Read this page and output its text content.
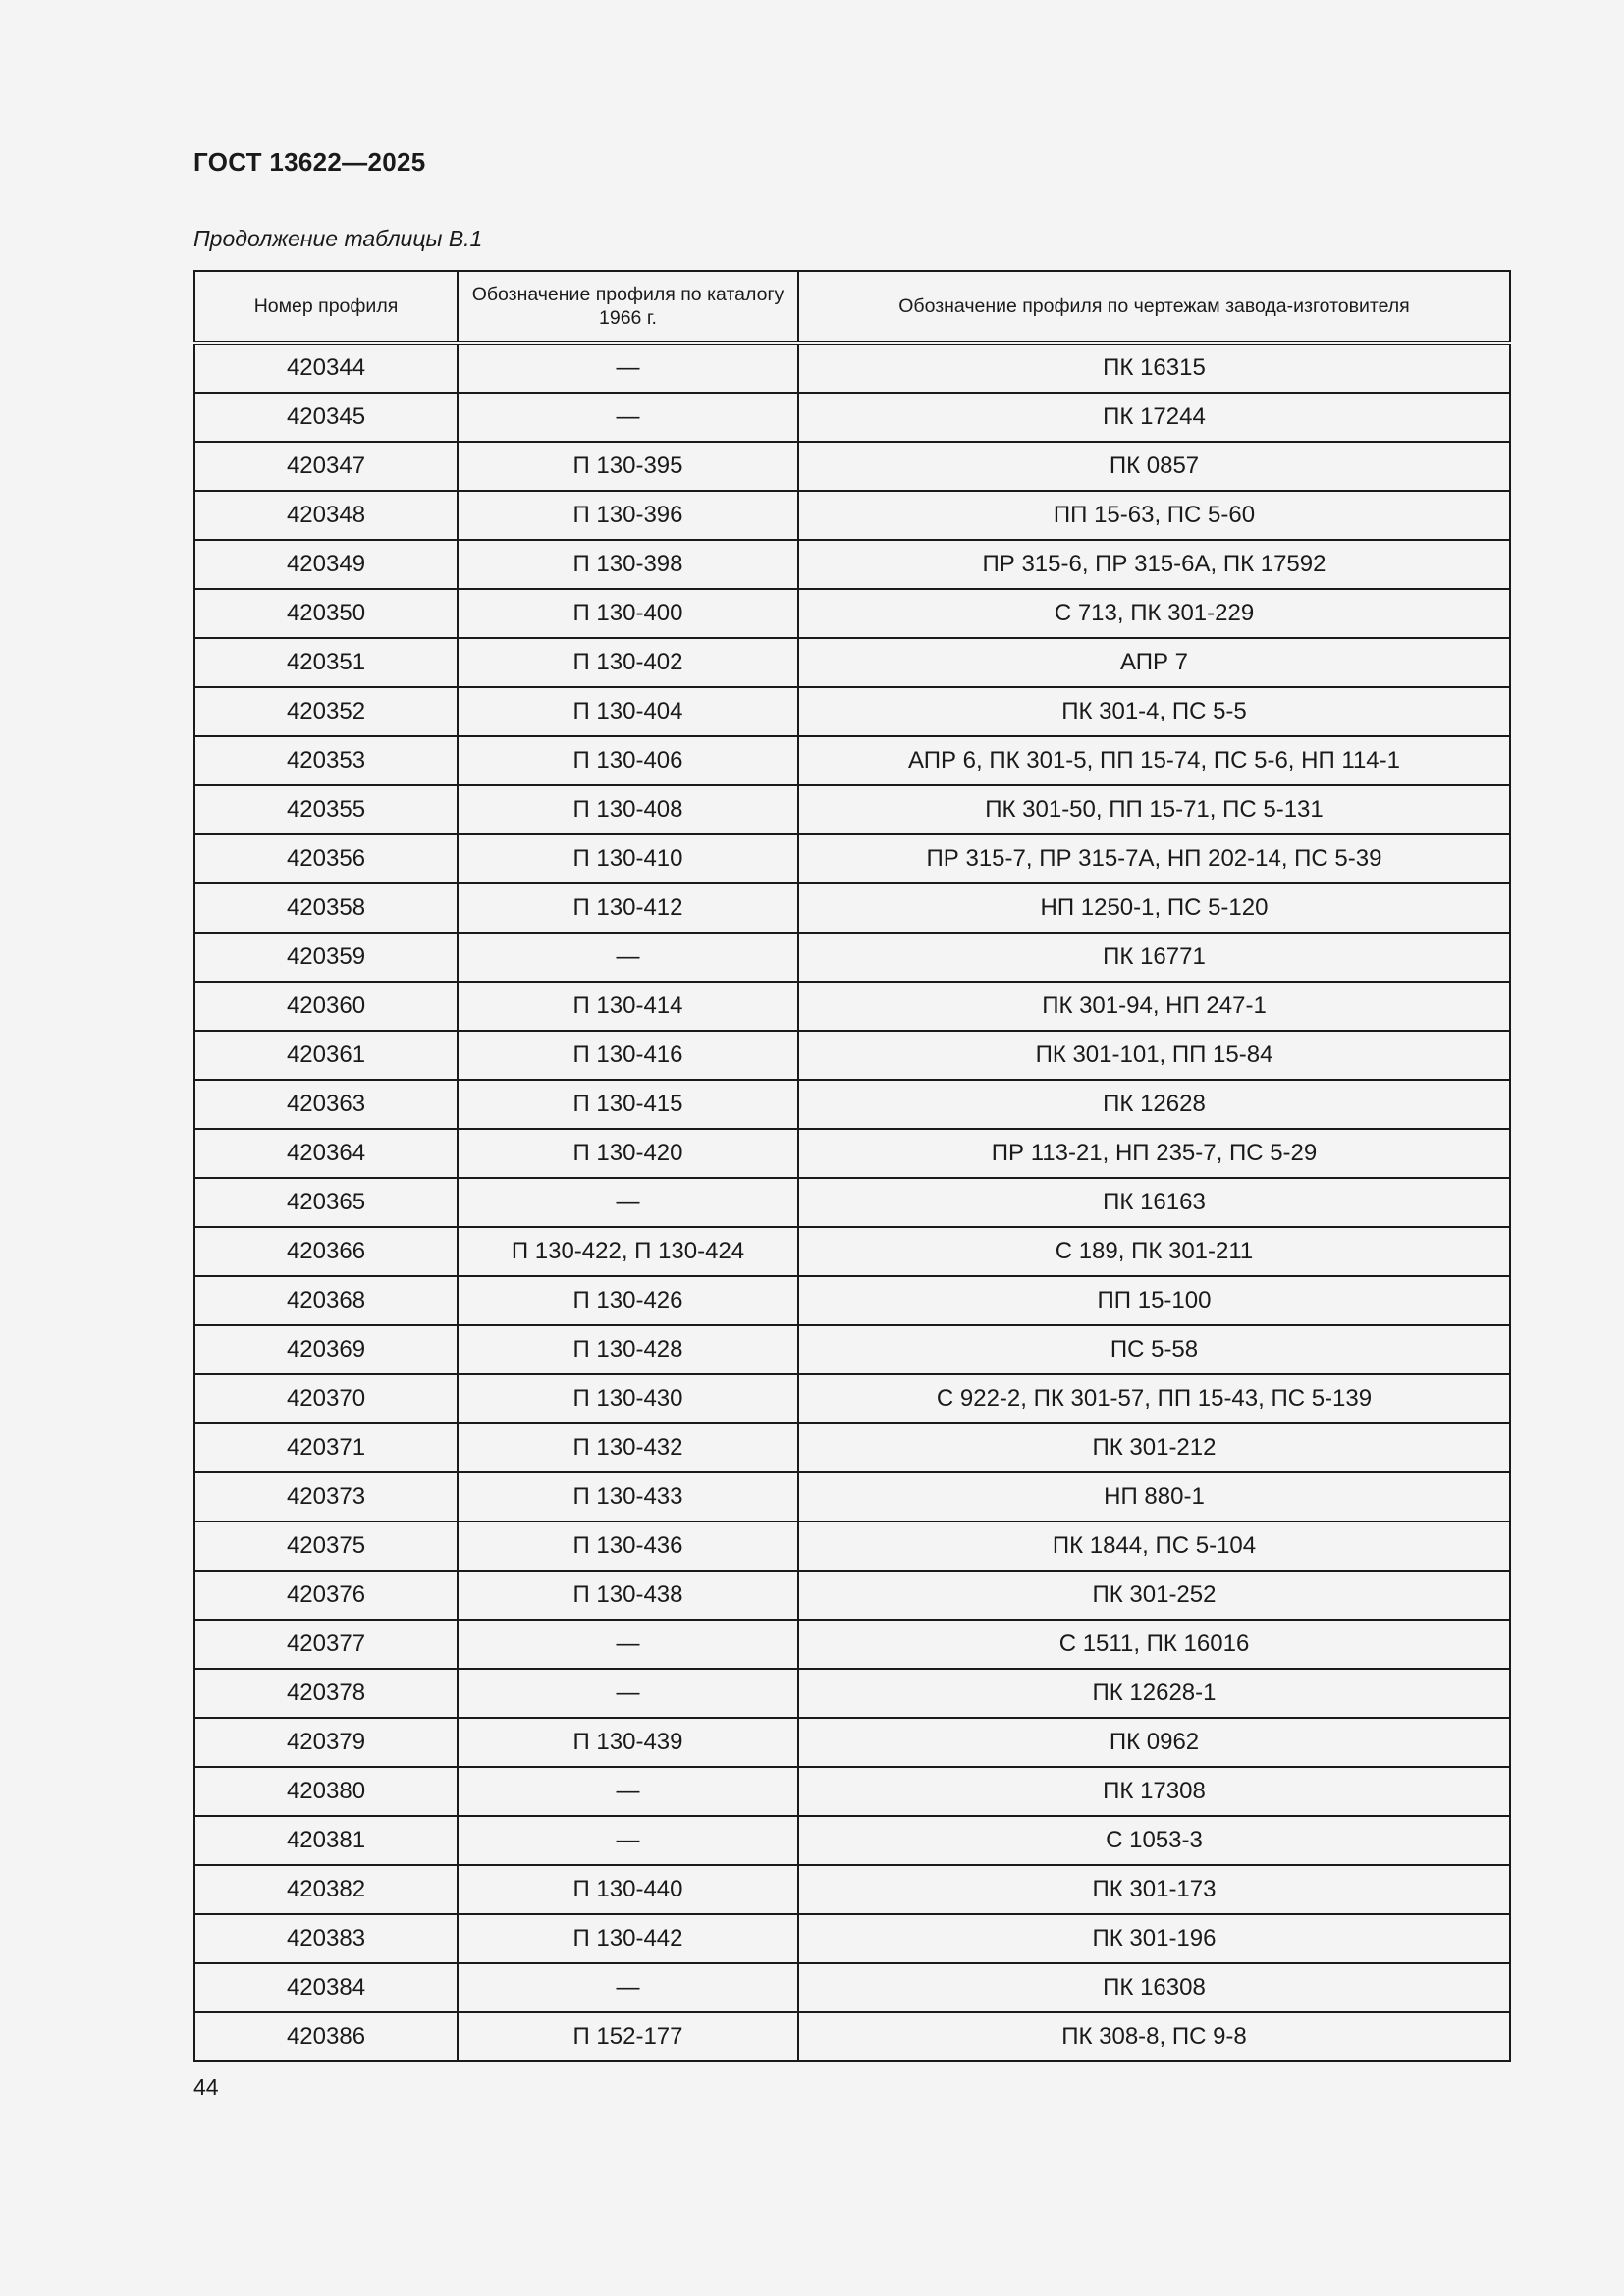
ГОСТ 13622—2025
Продолжение таблицы В.1
Номер профиля	Обозначение профиля по каталогу 1966 г.	Обозначение профиля по чертежам завода-изготовителя
420344	—	ПК 16315
420345	—	ПК 17244
420347	П 130-395	ПК 0857
420348	П 130-396	ПП 15-63, ПС 5-60
420349	П 130-398	ПР 315-6, ПР 315-6А, ПК 17592
420350	П 130-400	С 713, ПК 301-229
420351	П 130-402	АПР 7
420352	П 130-404	ПК 301-4, ПС 5-5
420353	П 130-406	АПР 6, ПК 301-5, ПП 15-74, ПС 5-6, НП 114-1
420355	П 130-408	ПК 301-50, ПП 15-71, ПС 5-131
420356	П 130-410	ПР 315-7, ПР 315-7А, НП 202-14, ПС 5-39
420358	П 130-412	НП 1250-1, ПС 5-120
420359	—	ПК 16771
420360	П 130-414	ПК 301-94, НП 247-1
420361	П 130-416	ПК 301-101, ПП 15-84
420363	П 130-415	ПК 12628
420364	П 130-420	ПР 113-21, НП 235-7, ПС 5-29
420365	—	ПК 16163
420366	П 130-422, П 130-424	С 189, ПК 301-211
420368	П 130-426	ПП 15-100
420369	П 130-428	ПС 5-58
420370	П 130-430	С 922-2, ПК 301-57, ПП 15-43, ПС 5-139
420371	П 130-432	ПК 301-212
420373	П 130-433	НП 880-1
420375	П 130-436	ПК 1844, ПС 5-104
420376	П 130-438	ПК 301-252
420377	—	С 1511, ПК 16016
420378	—	ПК 12628-1
420379	П 130-439	ПК 0962
420380	—	ПК 17308
420381	—	С 1053-3
420382	П 130-440	ПК 301-173
420383	П 130-442	ПК 301-196
420384	—	ПК 16308
420386	П 152-177	ПК 308-8, ПС 9-8
44
